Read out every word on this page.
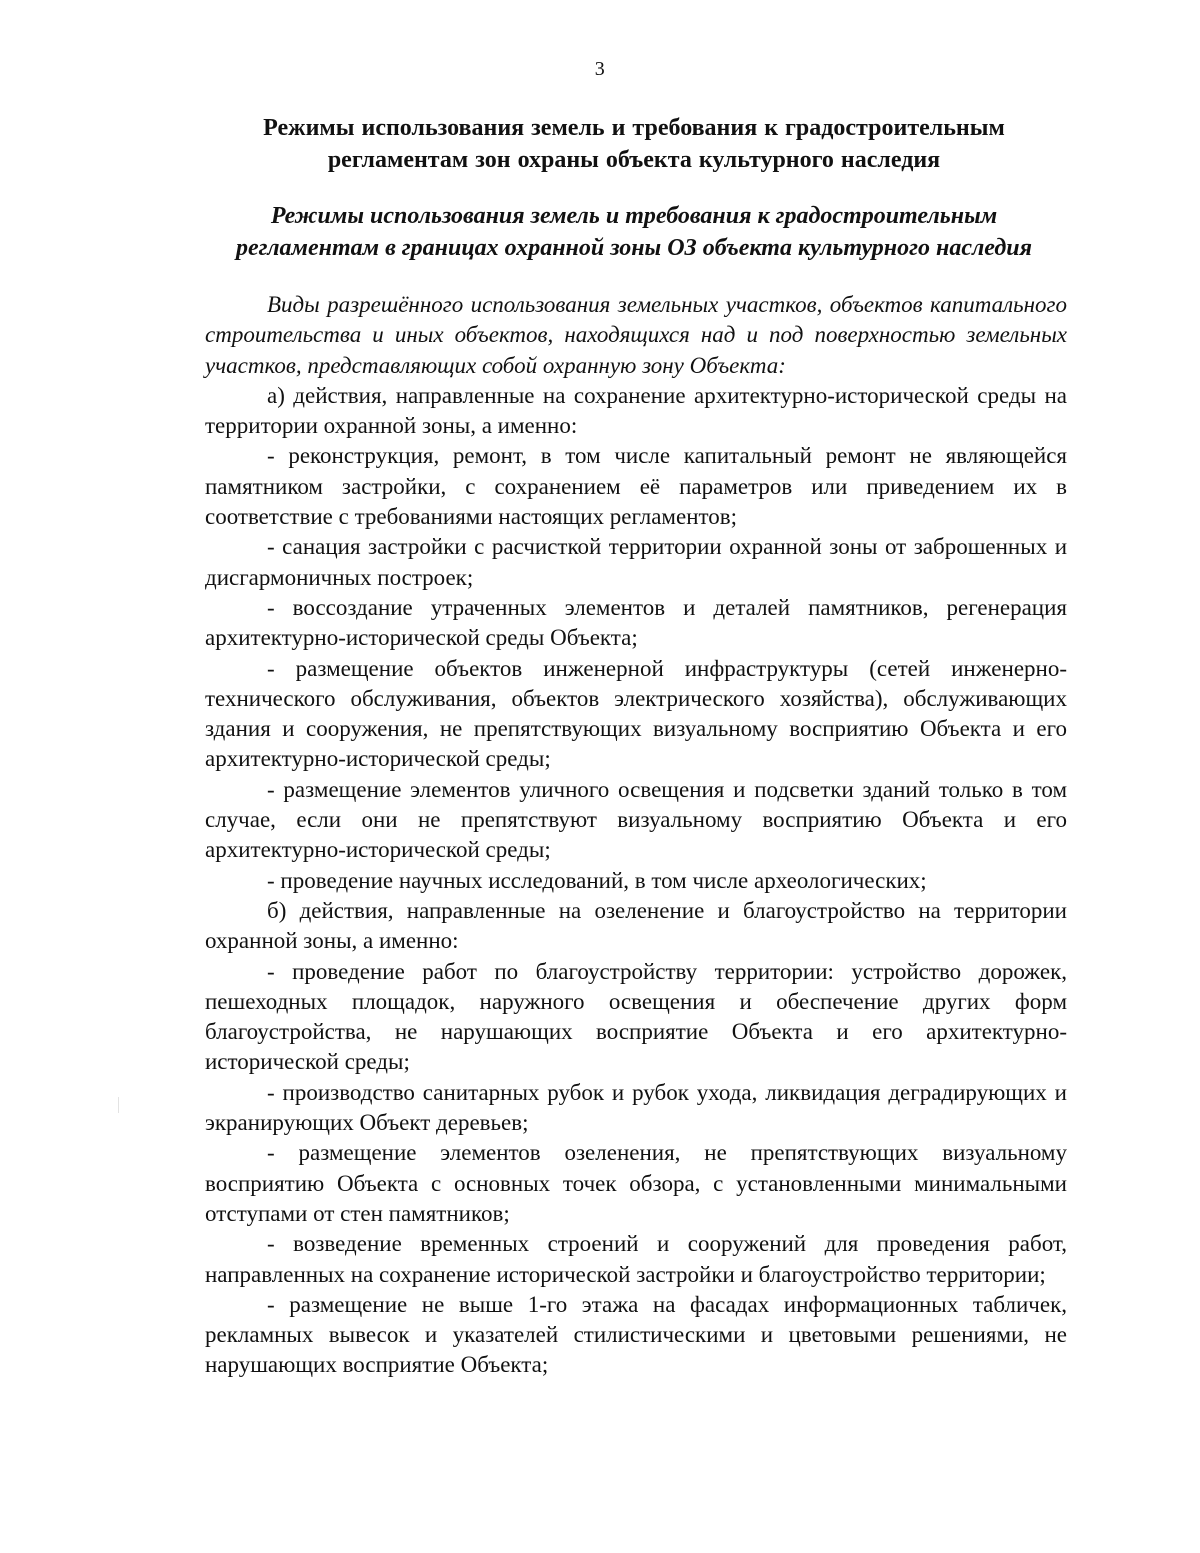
3
Режимы использования земель и требования к градостроительным
регламентам зон охраны объекта культурного наследия
Режимы использования земель и требования к градостроительным
регламентам в границах охранной зоны ОЗ объекта культурного наследия

Виды разрешённого использования земельных участков, объектов капитального строительства и иных объектов, находящихся над и под поверхностью земельных участков, представляющих собой охранную зону Объекта:

а) действия, направленные на сохранение архитектурно-исторической среды на территории охранной зоны, а именно:

- реконструкция, ремонт, в том числе капитальный ремонт не являющейся памятником застройки, с сохранением её параметров или приведением их в соответствие с требованиями настоящих регламентов;

- санация застройки с расчисткой территории охранной зоны от заброшенных и дисгармоничных построек;

- воссоздание утраченных элементов и деталей памятников, регенерация архитектурно-исторической среды Объекта;

- размещение объектов инженерной инфраструктуры (сетей инженерно-технического обслуживания, объектов электрического хозяйства), обслуживающих здания и сооружения, не препятствующих визуальному восприятию Объекта и его архитектурно-исторической среды;

- размещение элементов уличного освещения и подсветки зданий только в том случае, если они не препятствуют визуальному восприятию Объекта и его архитектурно-исторической среды;

- проведение научных исследований, в том числе археологических;

б) действия, направленные на озеленение и благоустройство на территории охранной зоны, а именно:

- проведение работ по благоустройству территории: устройство дорожек, пешеходных площадок, наружного освещения и обеспечение других форм благоустройства, не нарушающих восприятие Объекта и его архитектурно-исторической среды;

- производство санитарных рубок и рубок ухода, ликвидация деградирующих и экранирующих Объект деревьев;

- размещение элементов озеленения, не препятствующих визуальному восприятию Объекта с основных точек обзора, с установленными минимальными отступами от стен памятников;

- возведение временных строений и сооружений для проведения работ, направленных на сохранение исторической застройки и благоустройство территории;

- размещение не выше 1-го этажа на фасадах информационных табличек, рекламных вывесок и указателей стилистическими и цветовыми решениями, не нарушающих восприятие Объекта;
